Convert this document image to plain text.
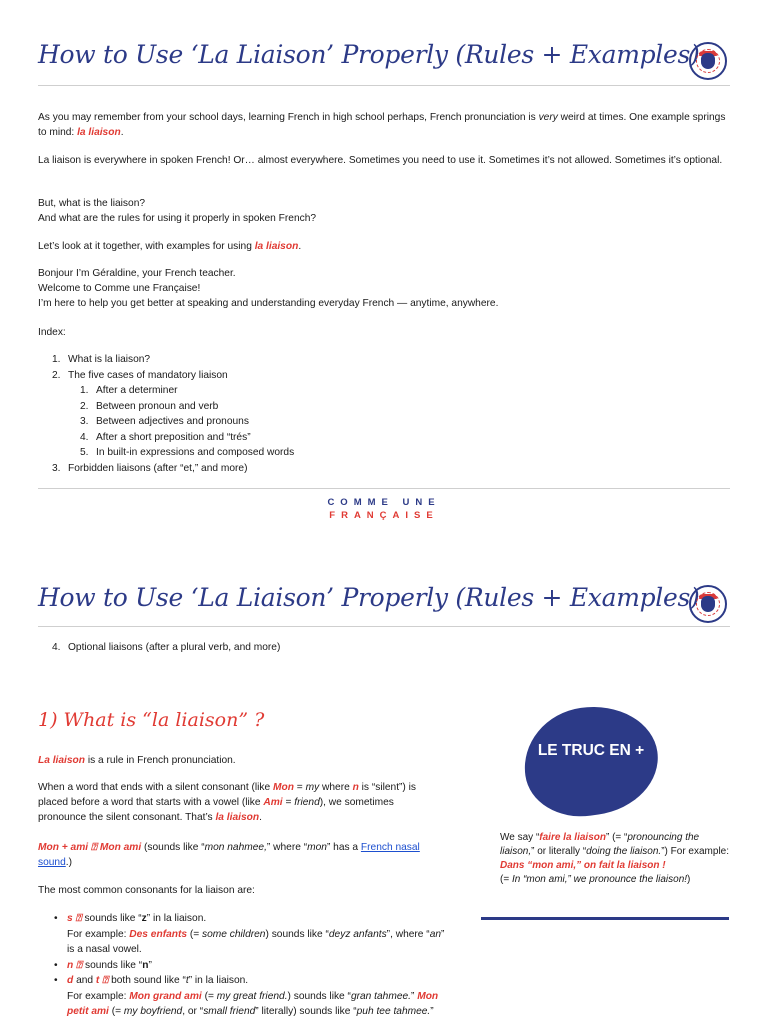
How to Use ‘La Liaison’ Properly (Rules + Examples)

As you may remember from your school days, learning French in high school perhaps, French pronunciation is very weird at times. One example springs to mind: la liaison.

La liaison is everywhere in spoken French! Or… almost everywhere. Sometimes you need to use it. Sometimes it’s not allowed. Sometimes it’s optional.

But, what is the liaison?
And what are the rules for using it properly in spoken French?

Let’s look at it together, with examples for using la liaison.

Bonjour I’m Géraldine, your French teacher.
Welcome to Comme une Française!
I’m here to help you get better at speaking and understanding everyday French — anytime, anywhere.

Index:

1. What is la liaison?
2. The five cases of mandatory liaison
1. After a determiner
2. Between pronoun and verb
3. Between adjectives and pronouns
4. After a short preposition and “trés”
5. In built-in expressions and composed words
3. Forbidden liaisons (after “et,” and more)
COMME UNE
FRANÇAISE
How to Use ‘La Liaison’ Properly (Rules + Examples)
4. Optional liaisons (after a plural verb, and more)
1) What is “la liaison” ?

La liaison is a rule in French pronunciation.

When a word that ends with a silent consonant (like Mon = my where n is “silent”) is placed before a word that starts with a vowel (like Ami = friend), we sometimes pronounce the silent consonant. That’s la liaison.

Mon + ami ⍰ Mon ami (sounds like “mon nahmee,” where “mon” has a French nasal sound.)

The most common consonants for la liaison are:

• s ⍰ sounds like “z” in la liaison.
For example: Des enfants (= some children) sounds like “deyz anfants”, where “an” is a nasal vowel.
• n ⍰ sounds like “n”
• d and t ⍰ both sound like “t” in la liaison.
For example: Mon grand ami (= my great friend.) sounds like “gran tahmee.” Mon petit ami (= my boyfriend, or “small friend” literally) sounds like “puh tee tahmee.”
LE TRUC EN +

We say “faire la liaison” (= “pronouncing the liaison,” or literally “doing the liaison.”) For example: Dans “mon ami,” on fait la liaison !
(= In “mon ami,” we pronounce the liaison!)
